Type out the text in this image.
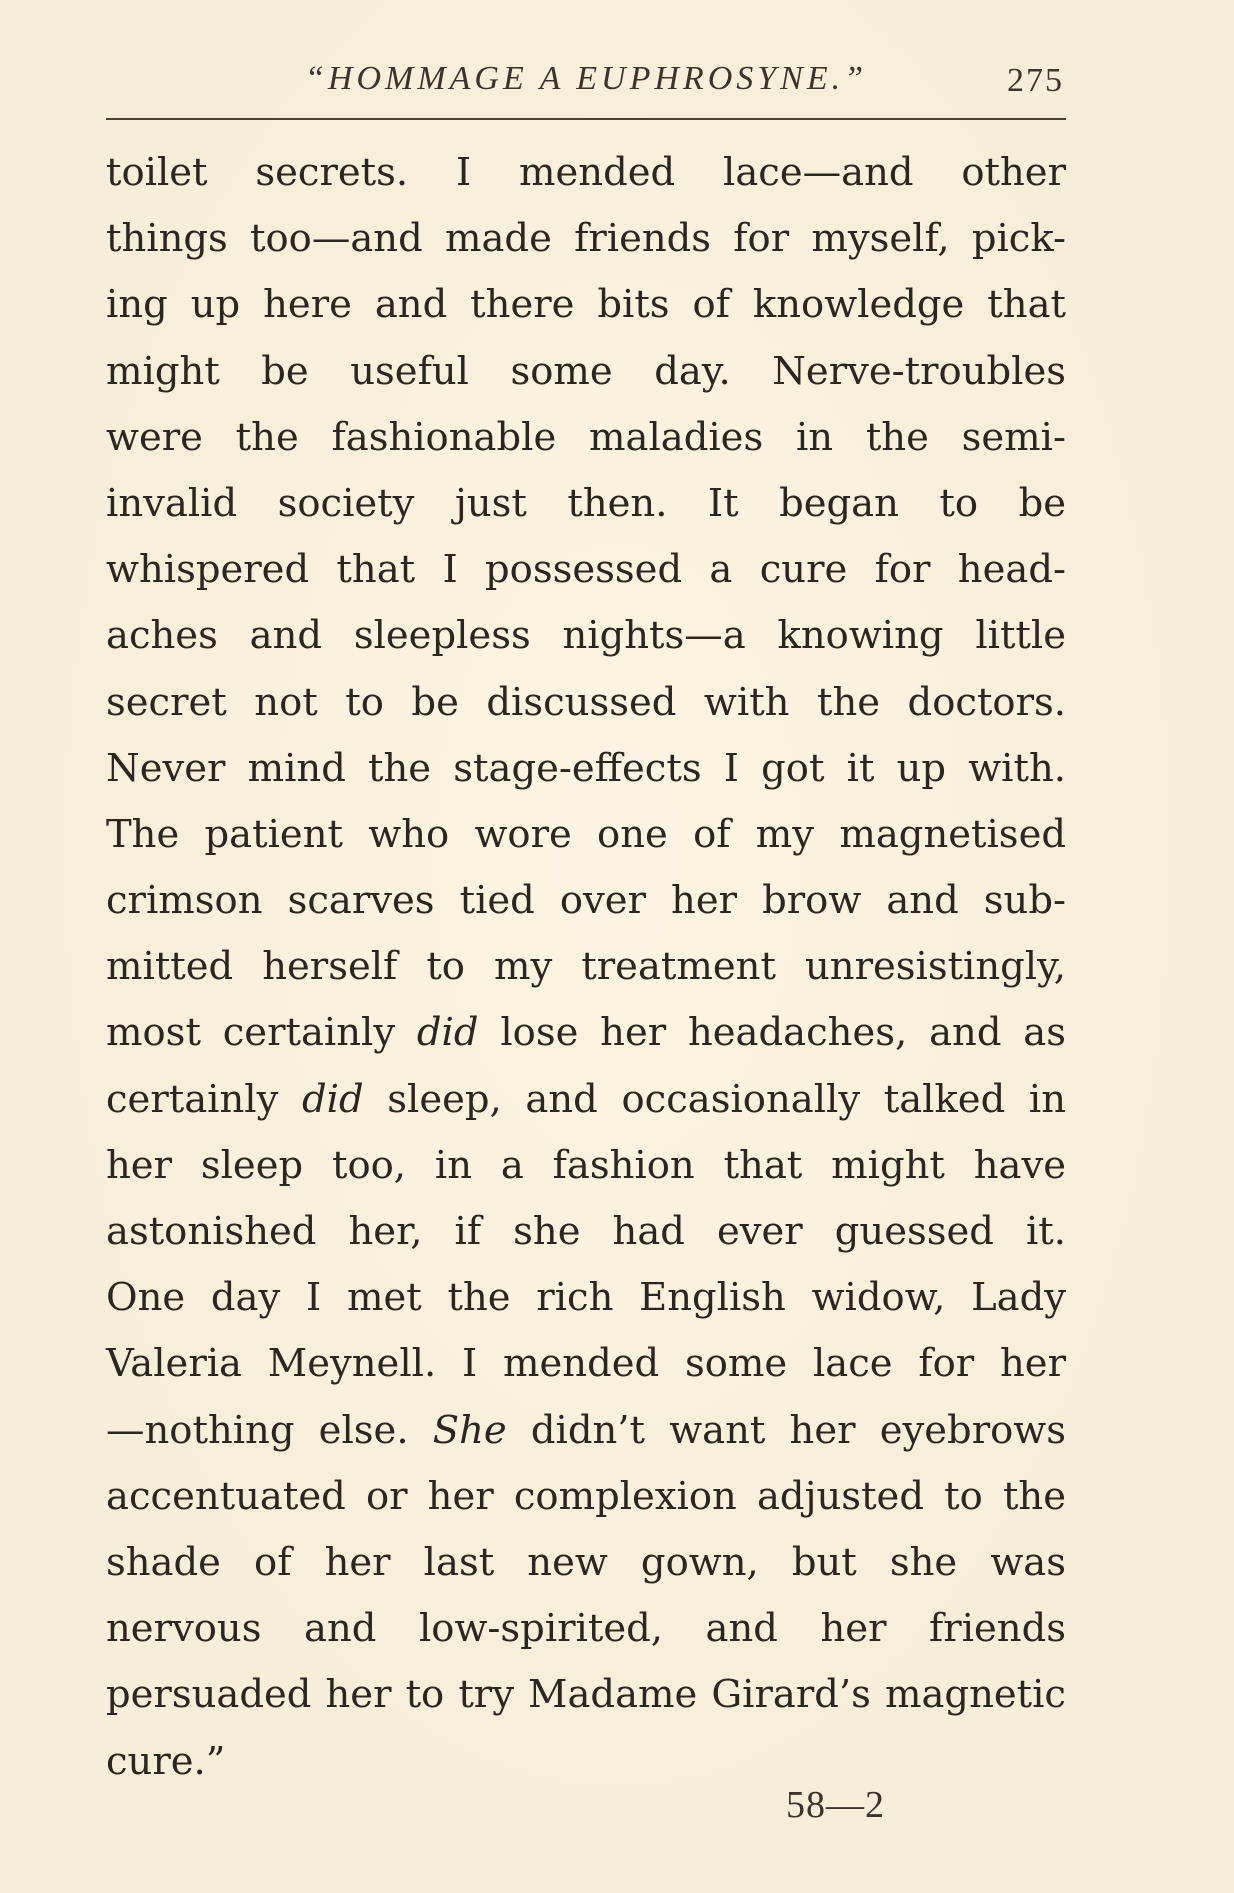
“HOMMAGE A EUPHROSYNE.”	275
toilet secrets. I mended lace—and other
things too—and made friends for myself, pick-
ing up here and there bits of knowledge that
might be useful some day. Nerve-troubles
were the fashionable maladies in the semi-
invalid society just then. It began to be
whispered that I possessed a cure for head-
aches and sleepless nights—a knowing little
secret not to be discussed with the doctors.
Never mind the stage-effects I got it up with.
The patient who wore one of my magnetised
crimson scarves tied over her brow and sub-
mitted herself to my treatment unresistingly,
most certainly did lose her headaches, and as
certainly did sleep, and occasionally talked in
her sleep too, in a fashion that might have
astonished her, if she had ever guessed it.
One day I met the rich English widow, Lady
Valeria Meynell. I mended some lace for her
—nothing else. She didn’t want her eyebrows
accentuated or her complexion adjusted to the
shade of her last new gown, but she was
nervous and low-spirited, and her friends
persuaded her to try Madame Girard’s magnetic
cure.”
58—2
